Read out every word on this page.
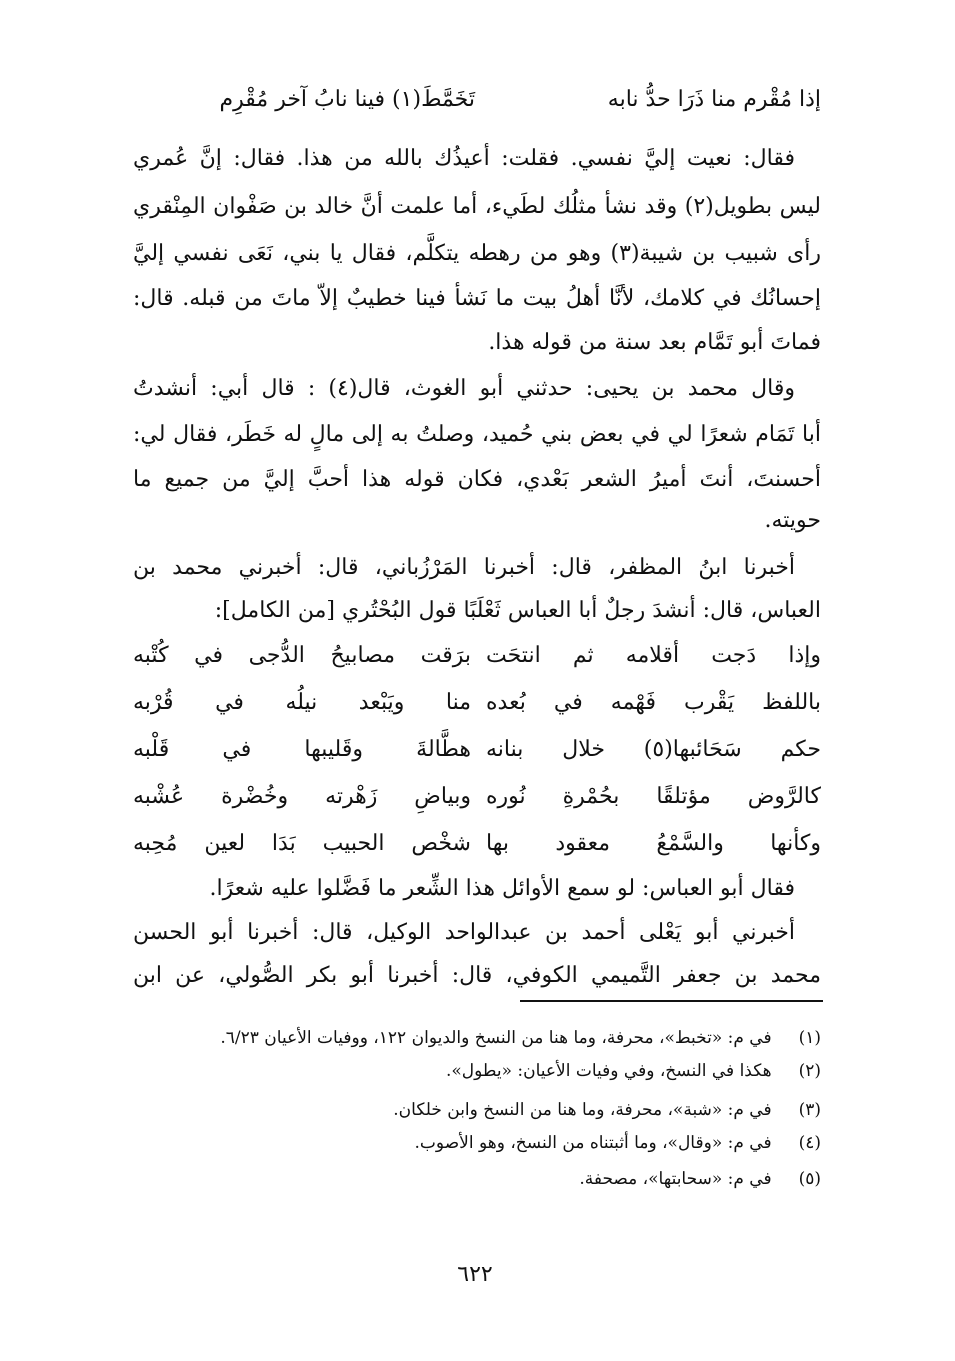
إذا مُقْرم منا ذَرَا حدُّ نابه
تَخَمَّطَ(١) فينا نابُ آخر مُقْرِم
فقال: نعيت إليَّ نفسي. فقلت: أعيذُك بالله من هذا. فقال: إنَّ عُمري
ليس بطويل(٢) وقد نشأ مثلُك لطَيء، أما علمت أنَّ خالد بن صَفْوان المِنْقري
رأى شبيب بن شيبة(٣) وهو من رهطه يتكلَّم، فقال يا بني، نَعَى نفسي إليَّ
إحسانُك في كلامك، لأنَّا أهلُ بيت ما نَشأ فينا خطيبٌ إلاّ ماتَ من قبله. قال:
فماتَ أبو تَمَّام بعد سنة من قوله هذا.
وقال محمد بن يحيى: حدثني أبو الغوث، قال(٤) : قال أبي: أنشدتُ
أبا تَمَام شعرًا لي في بعض بني حُميد، وصلتُ به إلى مالٍ له خَطَر، فقال لي:
أحسنتَ، أنتَ أميرُ الشعر بَعْدي، فكان قوله هذا أحبَّ إليَّ من جميع ما
حويته.
أخبرنا ابنُ المظفر، قال: أخبرنا المَرْزُباني، قال: أخبرني محمد بن
العباس، قال: أنشدَ رجلٌ أبا العباس ثَعْلَبًا قول البُحْتُري [من الكامل]:
وإذا دَجت أقلامه ثم انتحَت
برَقت مصابيحُ الدُّجى في كُتْبه
باللفظ يَقْرب فَهْمه في بُعده
منا ويَبْعد نيلُه في قُرْبه
حكم سَحَائبها(٥) خلال بنانه
هطَّالةَ وقَليبها في قَلْبه
كالرَّوض مؤتلقًا بحُمْرةِ نُوره
وبياضِ زَهْرته وخُضْرة عُشْبه
وكأنها والسَّمْعُ معقود بها
شخْص الحبيب بَدَا لعين مُحِبه
فقال أبو العباس: لو سمع الأوائل هذا الشِّعر ما فَضَّلوا عليه شعرًا.
أخبرني أبو يَعْلى أحمد بن عبدالواحد الوكيل، قال: أخبرنا أبو الحسن
محمد بن جعفر التَّميمي الكوفي، قال: أخبرنا أبو بكر الصُّولي، عن ابن
(١) في م: «تخبط»، محرفة، وما هنا من النسخ والديوان ١٢٢، ووفيات الأعيان ٦/٢٣.
(٢) هكذا في النسخ، وفي وفيات الأعيان: «يطول».
(٣) في م: «شبة»، محرفة، وما هنا من النسخ وابن خلكان.
(٤) في م: «وقال»، وما أثبتناه من النسخ، وهو الأصوب.
(٥) في م: «سحابتها»، مصحفة.
٦٢٢
